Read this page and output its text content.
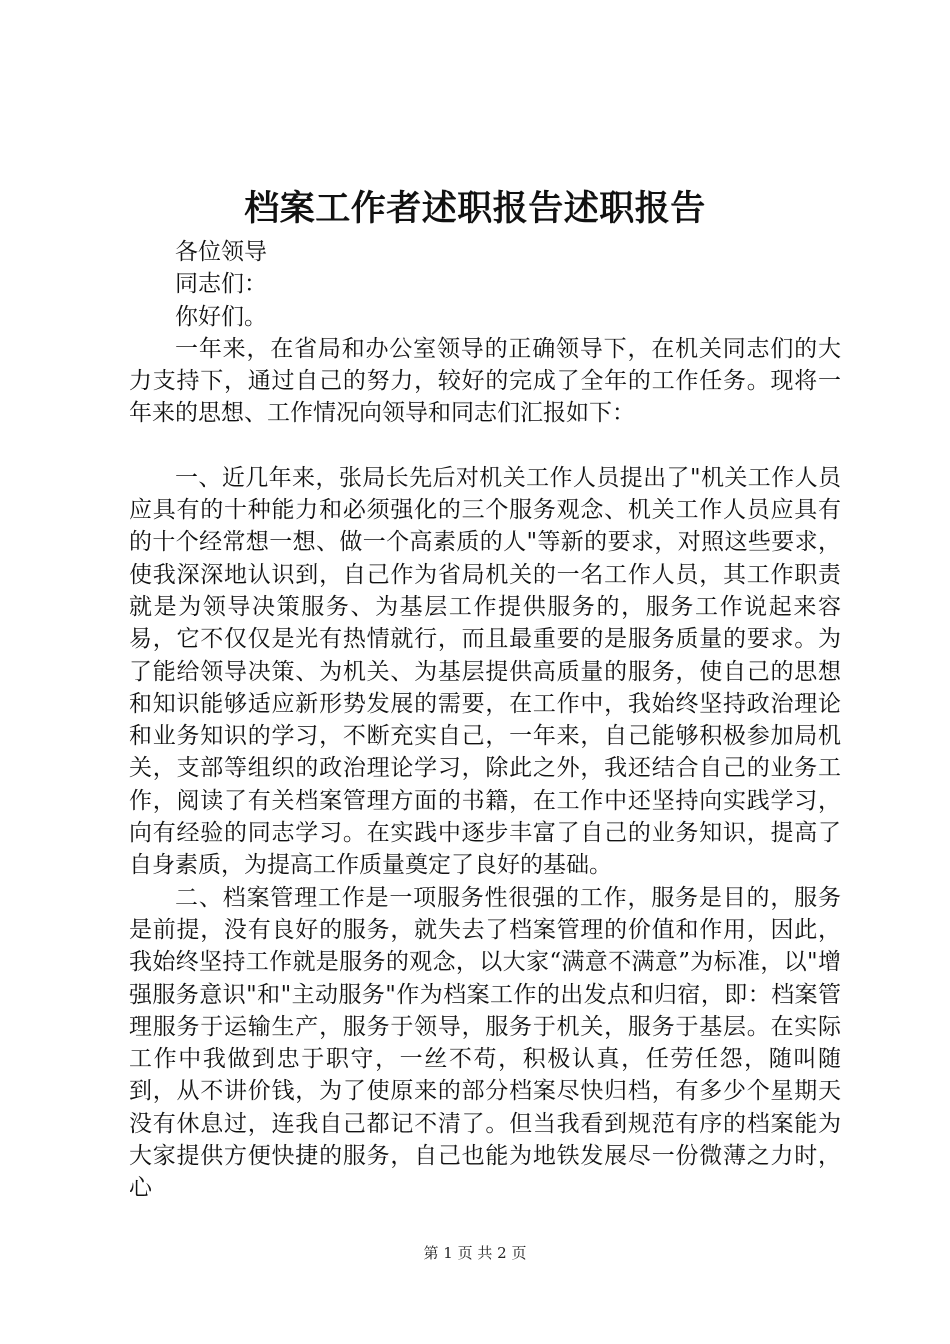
档案工作者述职报告述职报告

各位领导

同志们：

你好们。

一年来，在省局和办公室领导的正确领导下，在机关同志们的大力支持下，通过自己的努力，较好的完成了全年的工作任务。现将一年来的思想、工作情况向领导和同志们汇报如下：

一、近几年来，张局长先后对机关工作人员提出了"机关工作人员应具有的十种能力和必须强化的三个服务观念、机关工作人员应具有的十个经常想一想、做一个高素质的人"等新的要求，对照这些要求，使我深深地认识到，自己作为省局机关的一名工作人员，其工作职责就是为领导决策服务、为基层工作提供服务的，服务工作说起来容易，它不仅仅是光有热情就行，而且最重要的是服务质量的要求。为了能给领导决策、为机关、为基层提供高质量的服务，使自己的思想和知识能够适应新形势发展的需要，在工作中，我始终坚持政治理论和业务知识的学习，不断充实自己，一年来，自己能够积极参加局机关，支部等组织的政治理论学习，除此之外，我还结合自己的业务工作，阅读了有关档案管理方面的书籍，在工作中还坚持向实践学习，向有经验的同志学习。在实践中逐步丰富了自己的业务知识，提高了自身素质，为提高工作质量奠定了良好的基础。

二、档案管理工作是一项服务性很强的工作，服务是目的，服务是前提，没有良好的服务，就失去了档案管理的价值和作用，因此，我始终坚持工作就是服务的观念，以大家“满意不满意”为标准，以"增强服务意识"和"主动服务"作为档案工作的出发点和归宿，即：档案管理服务于运输生产，服务于领导，服务于机关，服务于基层。在实际工作中我做到忠于职守，一丝不苟，积极认真，任劳任怨，随叫随到，从不讲价钱，为了使原来的部分档案尽快归档，有多少个星期天没有休息过，连我自己都记不清了。但当我看到规范有序的档案能为大家提供方便快捷的服务，自己也能为地铁发展尽一份微薄之力时，心

第 1 页 共 2 页
